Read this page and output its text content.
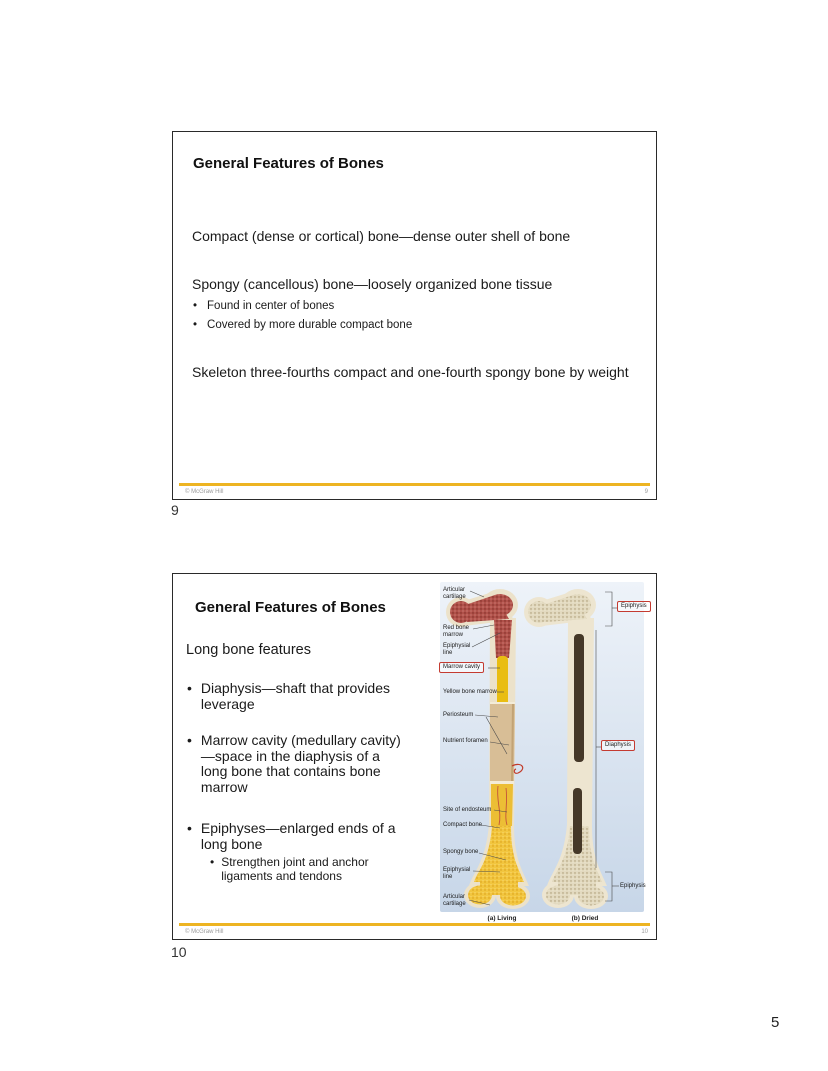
General Features of Bones
Compact (dense or cortical) bone—dense outer shell of bone
Spongy (cancellous) bone—loosely organized bone tissue
• Found in center of bones
• Covered by more durable compact bone
Skeleton three-fourths compact and one-fourth spongy bone by weight
© McGraw Hill	9
9
General Features of Bones
Long bone features
• Diaphysis—shaft that provides leverage
• Marrow cavity (medullary cavity)—space in the diaphysis of a long bone that contains bone marrow
• Epiphyses—enlarged ends of a long bone
• Strengthen joint and anchor ligaments and tendons
Articular cartilage
Red bone marrow
Epiphysial line
Marrow cavity
Yellow bone marrow
Periosteum
Nutrient foramen
Site of endosteum
Compact bone
Spongy bone
Epiphysial line
Articular cartilage
Epiphysis
Diaphysis
Epiphysis
(a) Living	(b) Dried
© McGraw Hill	10
10
5
